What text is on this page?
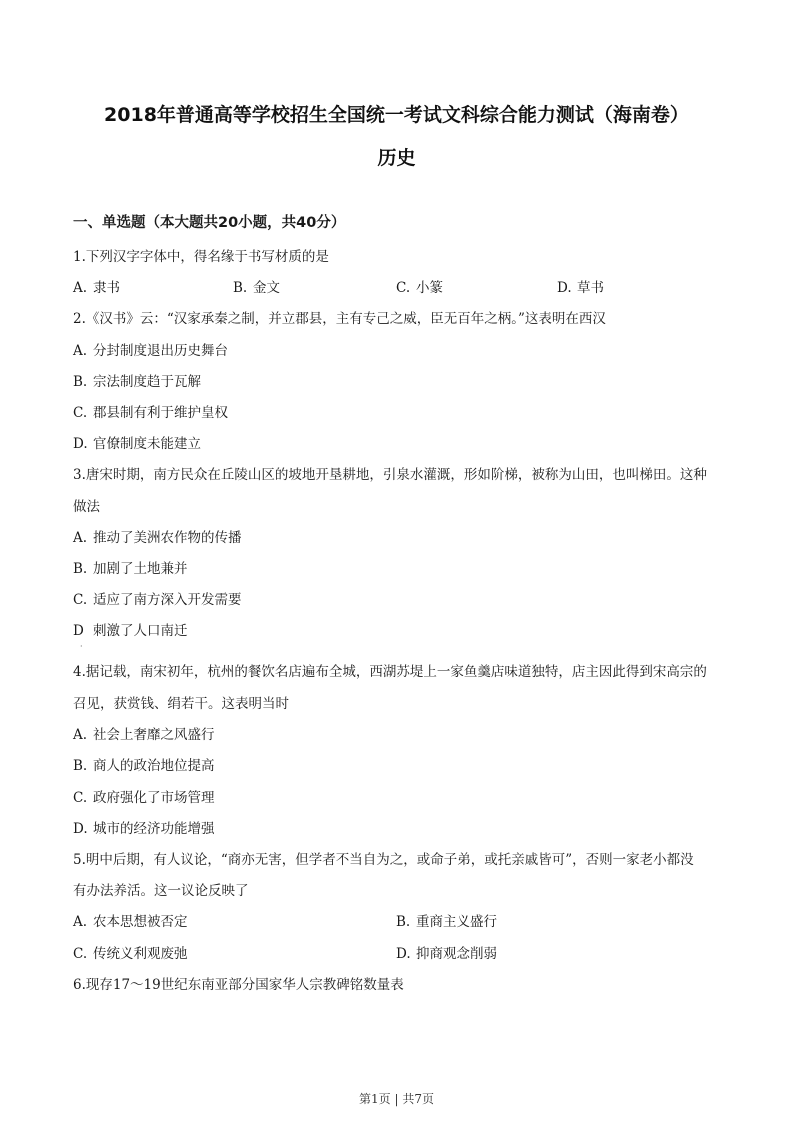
2018年普通高等学校招生全国统一考试文科综合能力测试（海南卷）
历史
一、单选题（本大题共20小题，共40分）
1.下列汉字字体中，得名缘于书写材质的是
A. 隶书	B. 金文	C. 小篆	D. 草书
2.《汉书》云：“汉家承秦之制，并立郡县，主有专己之威，臣无百年之柄。”这表明在西汉
A. 分封制度退出历史舞台
B. 宗法制度趋于瓦解
C. 郡县制有利于维护皇权
D. 官僚制度未能建立
3.唐宋时期，南方民众在丘陵山区的坡地开垦耕地，引泉水灌溉，形如阶梯，被称为山田，也叫梯田。这种
做法
A. 推动了美洲农作物的传播
B. 加剧了土地兼并
C. 适应了南方深入开发需要
D 刺激了人口南迁
·
4.据记载，南宋初年，杭州的餐饮名店遍布全城，西湖苏堤上一家鱼羹店味道独特，店主因此得到宋高宗的
召见，获赏钱、绢若干。这表明当时
A. 社会上奢靡之风盛行
B. 商人的政治地位提高
C. 政府强化了市场管理
D. 城市的经济功能增强
5.明中后期，有人议论，“商亦无害，但学者不当自为之，或命子弟，或托亲戚皆可”，否则一家老小都没
有办法养活。这一议论反映了
A. 农本思想被否定	B. 重商主义盛行
C. 传统义利观废弛	D. 抑商观念削弱
6.现存17～19世纪东南亚部分国家华人宗教碑铭数量表
第1页 | 共7页
